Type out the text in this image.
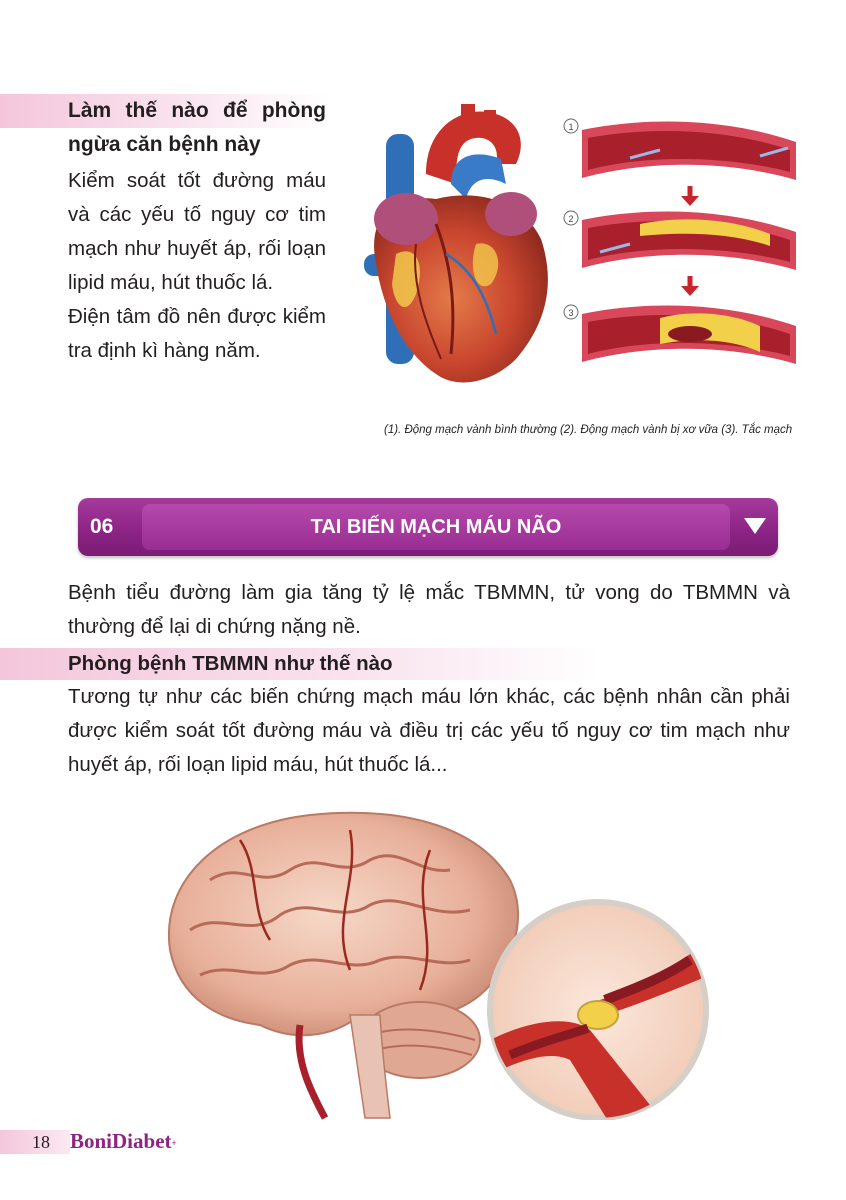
Làm thế nào để phòng ngừa căn bệnh này

Kiểm soát tốt đường máu và các yếu tố nguy cơ tim mạch như huyết áp, rối loạn lipid máu, hút thuốc lá.

Điện tâm đồ nên được kiểm tra định kì hàng năm.

1
2
3
(1). Động mạch vành bình thường (2). Động mạch vành bị xơ vữa (3). Tắc mạch
06	TAI BIẾN MẠCH MÁU NÃO

Bệnh tiểu đường làm gia tăng tỷ lệ mắc TBMMN, tử vong do TBMMN và thường để lại di chứng nặng nề.

Phòng bệnh TBMMN như thế nào

Tương tự như các biến chứng mạch máu lớn khác, các bệnh nhân cần phải được kiểm soát tốt đường máu và điều trị các yếu tố nguy cơ tim mạch như huyết áp, rối loạn lipid máu, hút thuốc lá...

18 BoniDiabet+
